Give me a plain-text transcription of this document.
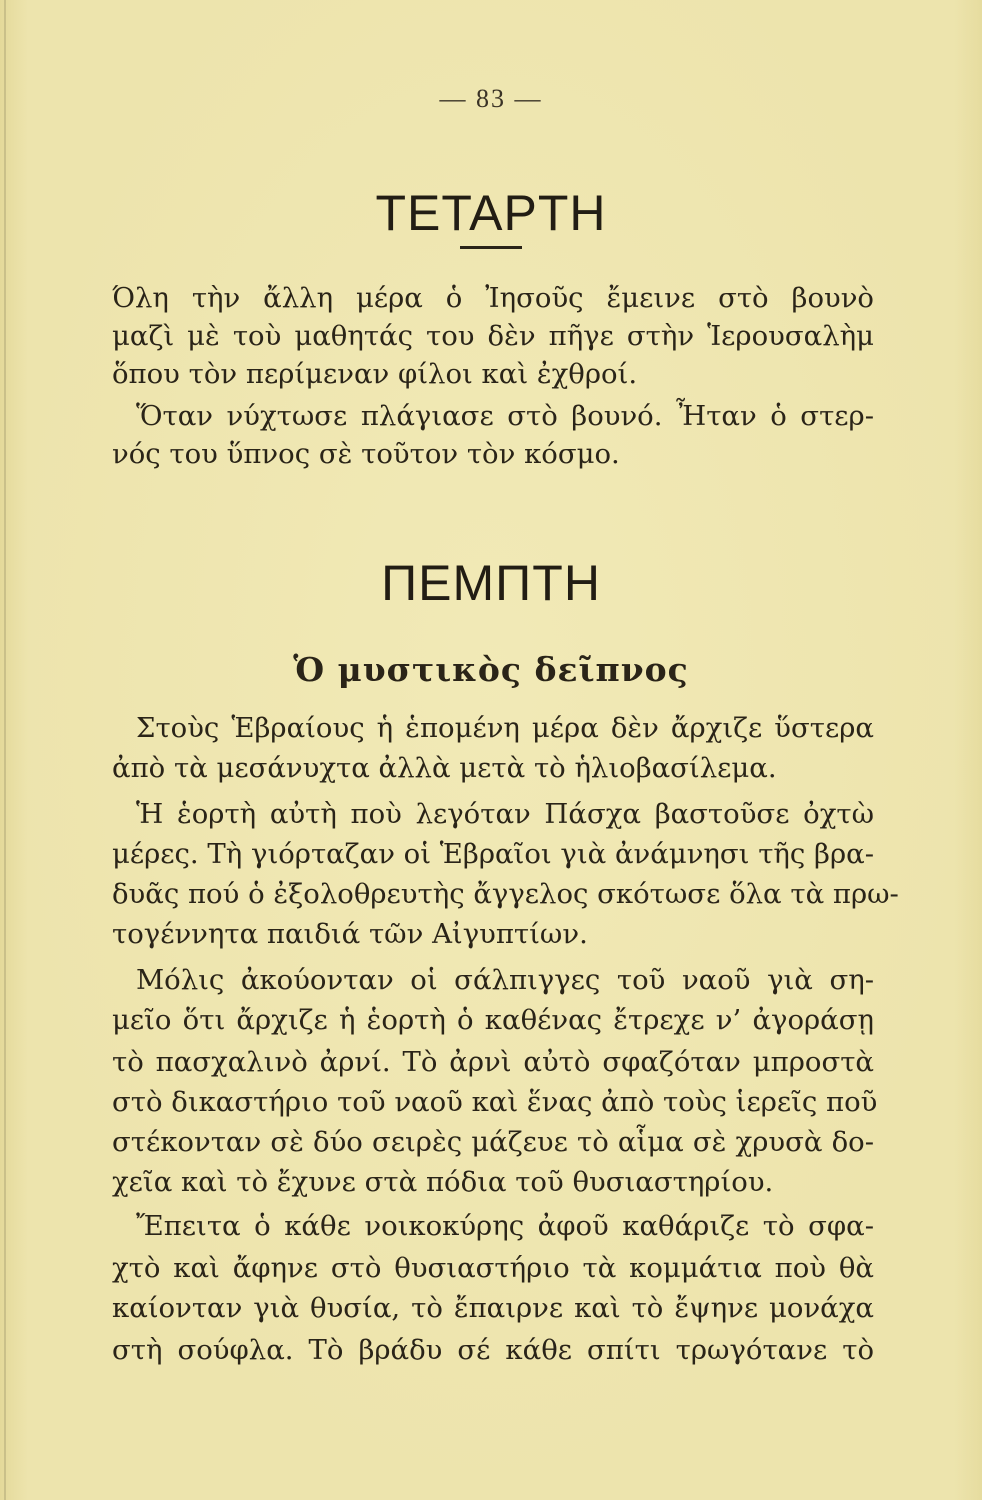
— 83 —
ΤΕΤΑΡΤΗ
Όλη τὴν ἄλλη μέρα ὁ Ἰησοῦς ἔμεινε στὸ βουνὸ
μαζὶ μὲ τοὺ μαθητάς του δὲν πῆγε στὴν Ἱερουσαλὴμ
ὅπου τὸν περίμεναν φίλοι καὶ ἐχθροί.
Ὅταν νύχτωσε πλάγιασε στὸ βουνό. Ἦταν ὁ στερ-
νός του ὕπνος σὲ τοῦτον τὸν κόσμο.
ΠΕΜΠΤΗ
Ὁ μυστικὸς δεῖπνος
Στοὺς Ἑβραίους ἡ ἑπομένη μέρα δὲν ἄρχιζε ὕστερα
ἀπὸ τὰ μεσάνυχτα ἀλλὰ μετὰ τὸ ἡλιοβασίλεμα.
Ἡ ἑορτὴ αὐτὴ ποὺ λεγόταν Πάσχα βαστοῦσε ὀχτὼ
μέρες. Τὴ γιόρταζαν οἱ Ἑβραῖοι γιὰ ἀνάμνησι τῆς βρα-
δυᾶς πού ὁ ἐξολοθρευτὴς ἄγγελος σκότωσε ὅλα τὰ πρω-
τογέννητα παιδιά τῶν Αἰγυπτίων.
Μόλις ἀκούονταν οἱ σάλπιγγες τοῦ ναοῦ γιὰ ση-
μεῖο ὅτι ἄρχιζε ἡ ἑορτὴ ὁ καθένας ἔτρεχε ν’ ἀγοράσῃ
τὸ πασχαλινὸ ἀρνί. Τὸ ἀρνὶ αὐτὸ σφαζόταν μπροστὰ
στὸ δικαστήριο τοῦ ναοῦ καὶ ἕνας ἀπὸ τοὺς ἱερεῖς ποῦ
στέκονταν σὲ δύο σειρὲς μάζευε τὸ αἷμα σὲ χρυσὰ δο-
χεῖα καὶ τὸ ἔχυνε στὰ πόδια τοῦ θυσιαστηρίου.
Ἔπειτα ὁ κάθε νοικοκύρης ἀφοῦ καθάριζε τὸ σφα-
χτὸ καὶ ἄφηνε στὸ θυσιαστήριο τὰ κομμάτια ποὺ θὰ
καίονταν γιὰ θυσία, τὸ ἔπαιρνε καὶ τὸ ἔψηνε μονάχα
στὴ σούφλα. Τὸ βράδυ σέ κάθε σπίτι τρωγότανε τὸ
